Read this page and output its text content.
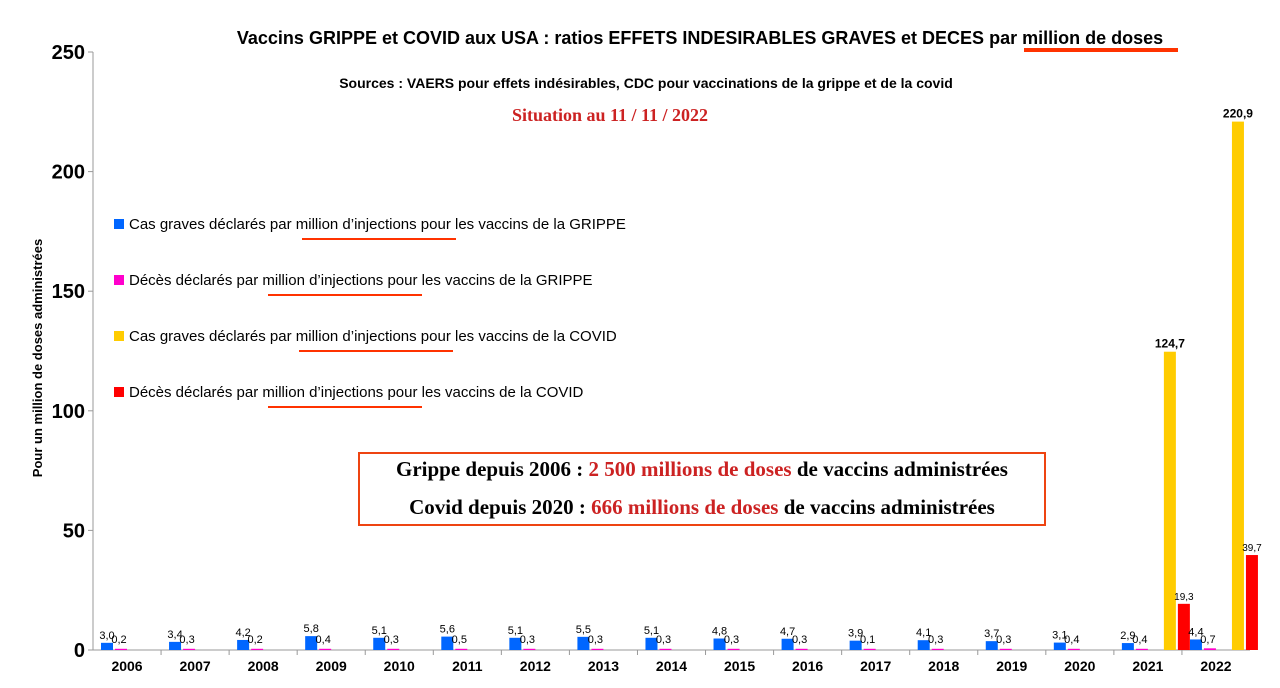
0
50
100
150
200
250
2006	2007	2008	2009	2010	2011	2012	2013	2014	2015	2016	2017	2018	2019	2020	2021	2022
3,0	3,4	4,2	5,8	5,1	5,6	5,1	5,5	5,1	4,8	4,7	3,9	4,1	3,7	3,1	2,9	4,4
0,2	0,3	0,2	0,4	0,3	0,5	0,3	0,3	0,3	0,3	0,3	0,1	0,3	0,3	0,4	0,4	0,7
124,7
220,9
19,3
39,7
Cas graves déclarés par million d’injections pour les vaccins de la GRIPPE
Décès déclarés par million d’injections pour les vaccins de la GRIPPE
Cas graves déclarés par million d’injections pour les vaccins de la COVID
Décès déclarés par million d’injections pour les vaccins de la COVID
Vaccins GRIPPE et COVID aux USA : ratios EFFETS INDESIRABLES GRAVES et DECES par million de doses
Sources : VAERS pour effets indésirables, CDC pour vaccinations de la grippe et de la covid
Situation au 11 / 11 / 2022
Pour un million de doses administrées	Grippe depuis 2006 : 2 500 millions de doses de vaccins administrées
Covid depuis 2020 : 666 millions de doses de vaccins administrées
